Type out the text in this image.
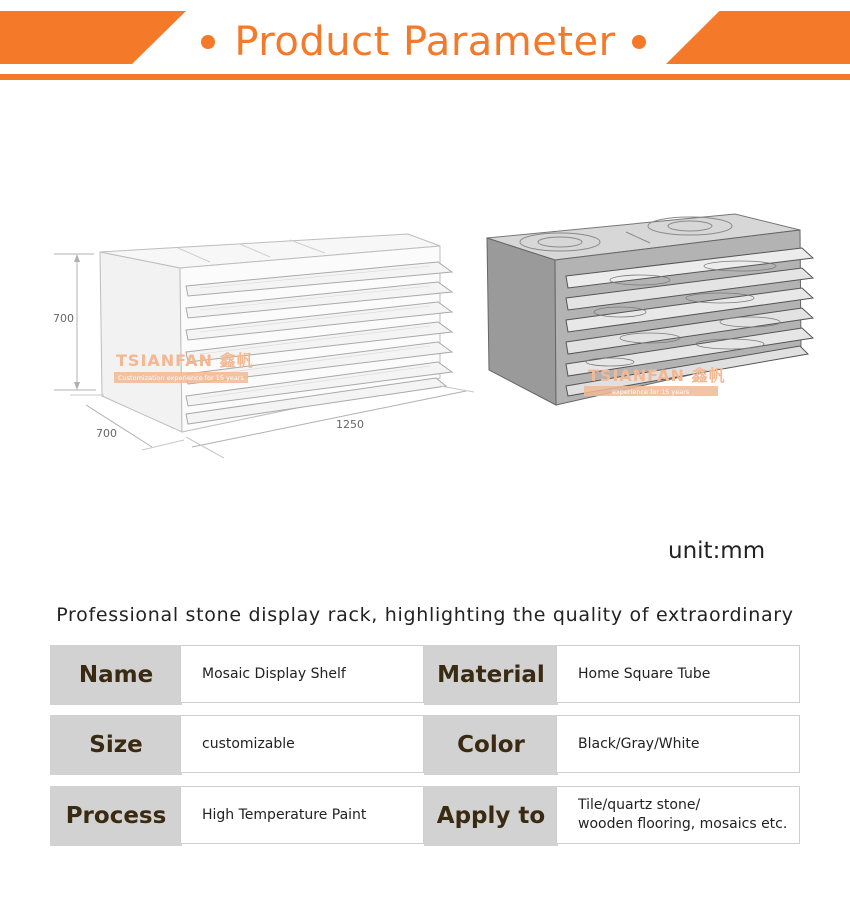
Product Parameter
TSIANFAN 鑫帆
Customization experience for 15 years
700
700
1250
TSIANFAN 鑫帆
experience for 15 years
unit:mm
Professional stone display rack, highlighting the quality of extraordinary
Name	Mosaic Display Shelf	Material	Home Square Tube
Size	customizable	Color	Black/Gray/White
Process	High Temperature Paint	Apply to	Tile/quartz stone/
wooden flooring, mosaics etc.
